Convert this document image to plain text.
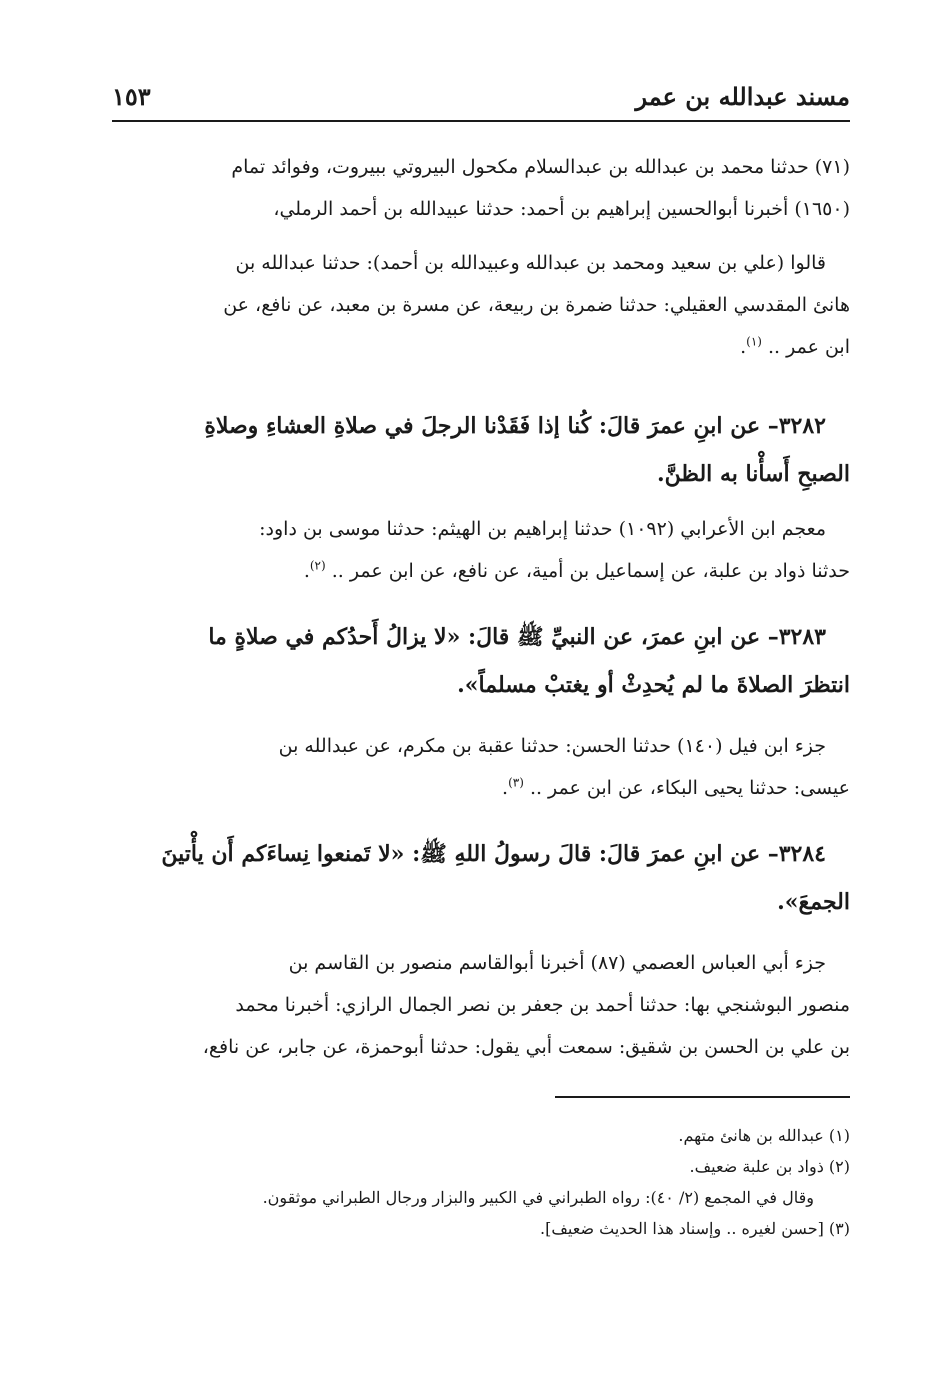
مسند عبدالله بن عمر
١٥٣
(٧١) حدثنا محمد بن عبدالله بن عبدالسلام مكحول البيروتي ببيروت، وفوائد تمام
(١٦٥٠) أخبرنا أبوالحسين إبراهيم بن أحمد: حدثنا عبيدالله بن أحمد الرملي،
قالوا (علي بن سعيد ومحمد بن عبدالله وعبيدالله بن أحمد): حدثنا عبدالله بن
هانئ المقدسي العقيلي: حدثنا ضمرة بن ربيعة، عن مسرة بن معبد، عن نافع، عن
ابن عمر .. $^{(١)}$.
٣٢٨٢– عن ابنِ عمرَ قالَ: كُنا إذا فَقَدْنا الرجلَ في صلاةِ العشاءِ وصلاةِ
الصبحِ أَسأْنا به الظنَّ.
معجم ابن الأعرابي (١٠٩٢) حدثنا إبراهيم بن الهيثم: حدثنا موسى بن داود:
حدثنا ذواد بن علبة، عن إسماعيل بن أمية، عن نافع، عن ابن عمر .. $^{(٢)}$.
٣٢٨٣– عن ابنِ عمرَ، عن النبيِّ ﷺ قالَ: «لا يزالُ أَحدُكم في صلاةٍ ما
انتظرَ الصلاةَ ما لم يُحدِثْ أو يغتبْ مسلماً».
جزء ابن فيل (١٤٠) حدثنا الحسن: حدثنا عقبة بن مكرم، عن عبدالله بن
عيسى: حدثنا يحيى البكاء، عن ابن عمر .. $^{(٣)}$.
٣٢٨٤– عن ابنِ عمرَ قالَ: قالَ رسولُ اللهِ ﷺ: «لا تَمنعوا نِساءَكم أَن يأْتينَ
الجمعَ».
جزء أبي العباس العصمي (٨٧) أخبرنا أبوالقاسم منصور بن القاسم بن
منصور البوشنجي بها: حدثنا أحمد بن جعفر بن نصر الجمال الرازي: أخبرنا محمد
بن علي بن الحسن بن شقيق: سمعت أبي يقول: حدثنا أبوحمزة، عن جابر، عن نافع،
(١) عبدالله بن هانئ متهم.
(٢) ذواد بن علبة ضعيف.
وقال في المجمع (٢/ ٤٠): رواه الطبراني في الكبير والبزار ورجال الطبراني موثقون.
(٣) [حسن لغيره .. وإسناد هذا الحديث ضعيف].
